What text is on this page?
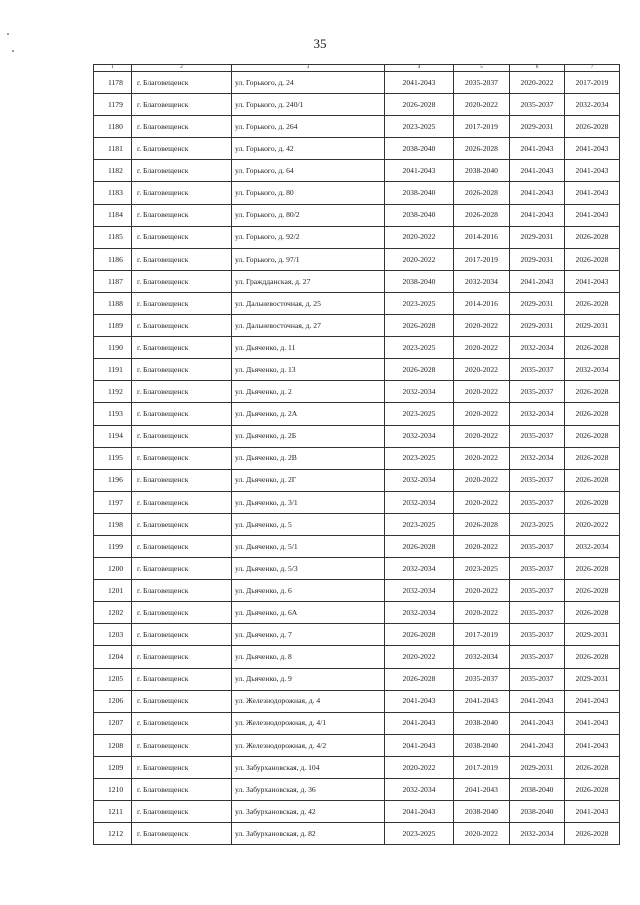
35
1	2	3	4	5	6	7
1178	г. Благовещенск	ул. Горького, д. 24	2041-2043	2035-2037	2020-2022	2017-2019
1179	г. Благовещенск	ул. Горького, д. 240/1	2026-2028	2020-2022	2035-2037	2032-2034
1180	г. Благовещенск	ул. Горького, д. 264	2023-2025	2017-2019	2029-2031	2026-2028
1181	г. Благовещенск	ул. Горького, д. 42	2038-2040	2026-2028	2041-2043	2041-2043
1182	г. Благовещенск	ул. Горького, д. 64	2041-2043	2038-2040	2041-2043	2041-2043
1183	г. Благовещенск	ул. Горького, д. 80	2038-2040	2026-2028	2041-2043	2041-2043
1184	г. Благовещенск	ул. Горького, д. 80/2	2038-2040	2026-2028	2041-2043	2041-2043
1185	г. Благовещенск	ул. Горького, д. 92/2	2020-2022	2014-2016	2029-2031	2026-2028
1186	г. Благовещенск	ул. Горького, д. 97/1	2020-2022	2017-2019	2029-2031	2026-2028
1187	г. Благовещенск	ул. Граждданская, д. 27	2038-2040	2032-2034	2041-2043	2041-2043
1188	г. Благовещенск	ул. Дальневосточная, д. 25	2023-2025	2014-2016	2029-2031	2026-2028
1189	г. Благовещенск	ул. Дальневосточная, д. 27	2026-2028	2020-2022	2029-2031	2029-2031
1190	г. Благовещенск	ул. Дьяченко, д. 11	2023-2025	2020-2022	2032-2034	2026-2028
1191	г. Благовещенск	ул. Дьяченко, д. 13	2026-2028	2020-2022	2035-2037	2032-2034
1192	г. Благовещенск	ул. Дьяченко, д. 2	2032-2034	2020-2022	2035-2037	2026-2028
1193	г. Благовещенск	ул. Дьяченко, д. 2А	2023-2025	2020-2022	2032-2034	2026-2028
1194	г. Благовещенск	ул. Дьяченко, д. 2Б	2032-2034	2020-2022	2035-2037	2026-2028
1195	г. Благовещенск	ул. Дьяченко, д. 2В	2023-2025	2020-2022	2032-2034	2026-2028
1196	г. Благовещенск	ул. Дьяченко, д. 2Г	2032-2034	2020-2022	2035-2037	2026-2028
1197	г. Благовещенск	ул. Дьяченко, д. 3/1	2032-2034	2020-2022	2035-2037	2026-2028
1198	г. Благовещенск	ул. Дьяченко, д. 5	2023-2025	2026-2028	2023-2025	2020-2022
1199	г. Благовещенск	ул. Дьяченко, д. 5/1	2026-2028	2020-2022	2035-2037	2032-2034
1200	г. Благовещенск	ул. Дьяченко, д. 5/3	2032-2034	2023-2025	2035-2037	2026-2028
1201	г. Благовещенск	ул. Дьяченко, д. 6	2032-2034	2020-2022	2035-2037	2026-2028
1202	г. Благовещенск	ул. Дьяченко, д. 6А	2032-2034	2020-2022	2035-2037	2026-2028
1203	г. Благовещенск	ул. Дьяченко, д. 7	2026-2028	2017-2019	2035-2037	2029-2031
1204	г. Благовещенск	ул. Дьяченко, д. 8	2020-2022	2032-2034	2035-2037	2026-2028
1205	г. Благовещенск	ул. Дьяченко, д. 9	2026-2028	2035-2037	2035-2037	2029-2031
1206	г. Благовещенск	ул. Железнодорожная, д. 4	2041-2043	2041-2043	2041-2043	2041-2043
1207	г. Благовещенск	ул. Железнодорожная, д. 4/1	2041-2043	2038-2040	2041-2043	2041-2043
1208	г. Благовещенск	ул. Железнодорожная, д. 4/2	2041-2043	2038-2040	2041-2043	2041-2043
1209	г. Благовещенск	ул. Забурхановская, д. 104	2020-2022	2017-2019	2029-2031	2026-2028
1210	г. Благовещенск	ул. Забурхановская, д. 36	2032-2034	2041-2043	2038-2040	2026-2028
1211	г. Благовещенск	ул. Забурхановская, д. 42	2041-2043	2038-2040	2038-2040	2041-2043
1212	г. Благовещенск	ул. Забурхановская, д. 82	2023-2025	2020-2022	2032-2034	2026-2028
